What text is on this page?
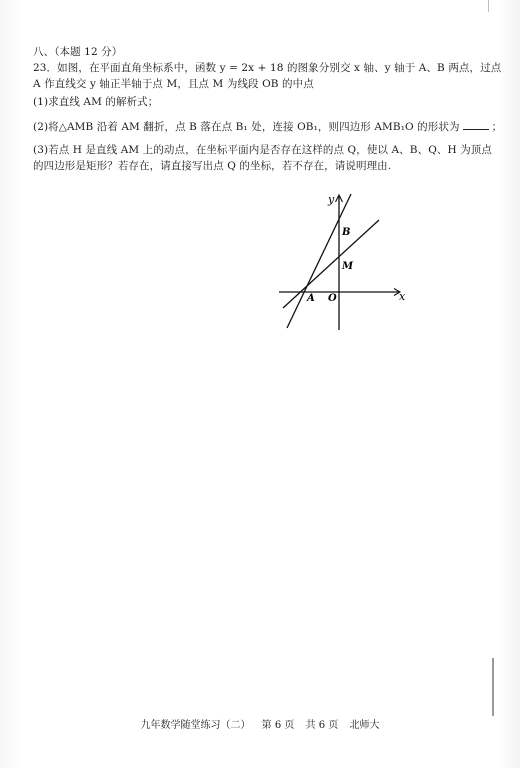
八、（本题 12 分）
23．如图，在平面直角坐标系中，函数 y = 2x + 18 的图象分别交 x 轴、y 轴于 A、B 两点，过点
A 作直线交 y 轴正半轴于点 M，且点 M 为线段 OB 的中点
(1)求直线 AM 的解析式；
(2)将△AMB 沿着 AM 翻折，点 B 落在点 B₁ 处，连接 OB₁，则四边形 AMB₁O 的形状为	；
(3)若点 H 是直线 AM 上的动点，在坐标平面内是否存在这样的点 Q，使以 A、B、Q、H 为顶点
的四边形是矩形？若存在，请直接写出点 Q 的坐标，若不存在，请说明理由.
y
x
B
M
A O
九年数学随堂练习（二） 第 6 页 共 6 页 北师大
